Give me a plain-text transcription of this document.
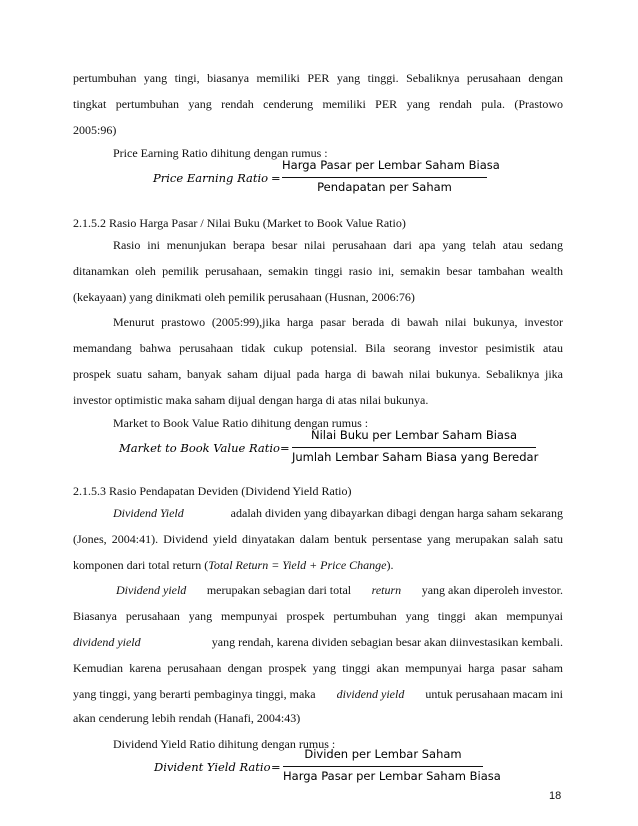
pertumbuhan yang tingi, biasanya memiliki PER yang tinggi. Sebaliknya perusahaan dengan
tingkat pertumbuhan yang rendah cenderung memiliki PER yang rendah pula. (Prastowo
2005:96)
Price Earning Ratio dihitung dengan rumus :
Price Earning Ratio =
Harga Pasar per Lembar Saham Biasa
Pendapatan per Saham
2.1.5.2 Rasio Harga Pasar / Nilai Buku (Market to Book Value Ratio)
Rasio ini menunjukan berapa besar nilai perusahaan dari apa yang telah atau sedang
ditanamkan oleh pemilik perusahaan, semakin tinggi rasio ini, semakin besar tambahan wealth
(kekayaan) yang dinikmati oleh pemilik perusahaan (Husnan, 2006:76)
Menurut prastowo (2005:99),jika harga pasar berada di bawah nilai bukunya, investor
memandang bahwa perusahaan tidak cukup potensial. Bila seorang investor pesimistik atau
prospek suatu saham, banyak saham dijual pada harga di bawah nilai bukunya. Sebaliknya jika
investor optimistic maka saham dijual dengan harga di atas nilai bukunya.
Market to Book Value Ratio dihitung dengan rumus :
Market to Book Value Ratio =
Nilai Buku per Lembar Saham Biasa
Jumlah Lembar Saham Biasa yang Beredar
2.1.5.3 Rasio Pendapatan Deviden (Dividend Yield Ratio)
Dividend Yield	adalah dividen yang dibayarkan dibagi dengan harga saham sekarang
(Jones, 2004:41). Dividend yield dinyatakan dalam bentuk persentase yang merupakan salah satu
komponen dari total return (Total Return = Yield + Price Change).
Dividend yield merupakan sebagian dari total return yang akan diperoleh investor.
Biasanya perusahaan yang mempunyai prospek pertumbuhan yang tinggi akan mempunyai
dividend yield	yang rendah, karena dividen sebagian besar akan diinvestasikan kembali.
Kemudian karena perusahaan dengan prospek yang tinggi akan mempunyai harga pasar saham
yang tinggi, yang berarti pembaginya tinggi, maka dividend yield untuk perusahaan macam ini
akan cenderung lebih rendah (Hanafi, 2004:43)
Dividend Yield Ratio dihitung dengan rumus :
Divident Yield Ratio =
Dividen per Lembar Saham
Harga Pasar per Lembar Saham Biasa
18
